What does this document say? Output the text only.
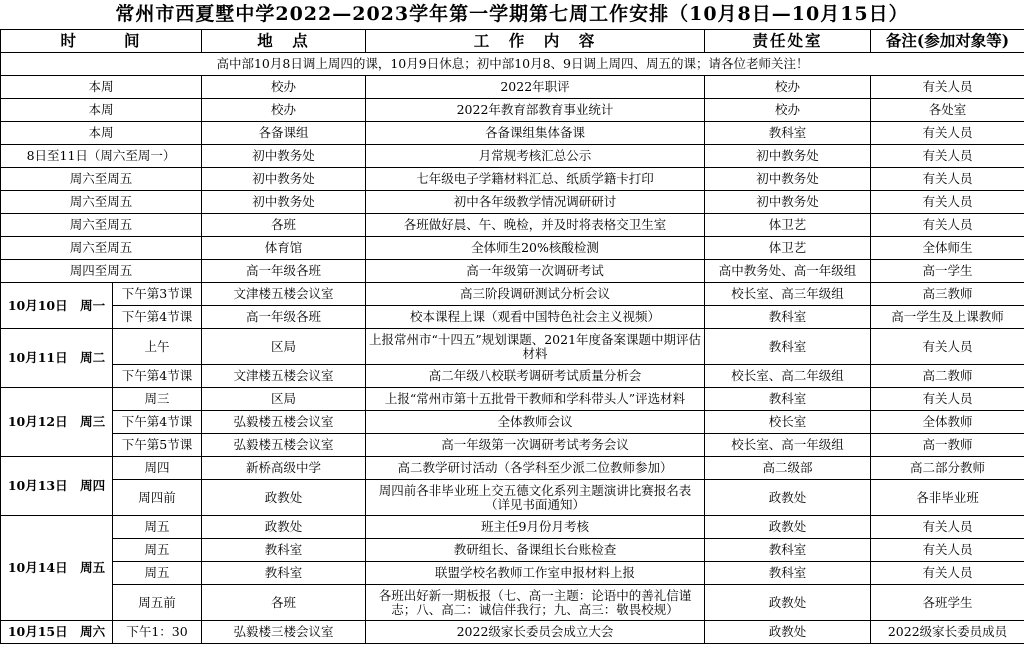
常州市西夏墅中学2022—2023学年第一学期第七周工作安排（10月8日—10月15日）
时 间		地　点	工　作　内　容	责任处室	备注(参加对象等)
高中部10月8日调上周四的课，10月9日休息；初中部10月8、9日调上周四、周五的课；请各位老师关注！					
本周		校办	2022年职评	校办	有关人员
本周		校办	2022年教育部教育事业统计	校办	各处室
本周		各备课组	各备课组集体备课	教科室	有关人员
8日至11日（周六至周一）		初中教务处	月常规考核汇总公示	初中教务处	有关人员
周六至周五		初中教务处	七年级电子学籍材料汇总、纸质学籍卡打印	初中教务处	有关人员
周六至周五		初中教务处	初中各年级教学情况调研研讨	初中教务处	有关人员
周六至周五		各班	各班做好晨、午、晚检，并及时将表格交卫生室	体卫艺	有关人员
周六至周五		体育馆	全体师生20%核酸检测	体卫艺	全体师生
周四至周五		高一年级各班	高一年级第一次调研考试	高中教务处、高一年级组	高一学生
10月10日　周一	下午第3节课	文津楼五楼会议室	高三阶段调研测试分析会议	校长室、高三年级组	高三教师
	下午第4节课	高一年级各班	校本课程上课（观看中国特色社会主义视频）	教科室	高一学生及上课教师
10月11日　周二	上午	区局	上报常州市“十四五”规划课题、2021年度备案课题中期评估材料	教科室	有关人员
	下午第4节课	文津楼五楼会议室	高二年级八校联考调研考试质量分析会	校长室、高二年级组	高二教师
10月12日　周三	周三	区局	上报“常州市第十五批骨干教师和学科带头人”评选材料	教科室	有关人员
	下午第4节课	弘毅楼五楼会议室	全体教师会议	校长室	全体教师
	下午第5节课	弘毅楼五楼会议室	高一年级第一次调研考试考务会议	校长室、高一年级组	高一教师
10月13日　周四	周四	新桥高级中学	高二教学研讨活动（各学科至少派二位教师参加）	高二级部	高二部分教师
	周四前	政教处	周四前各非毕业班上交五德文化系列主题演讲比赛报名表（详见书面通知）	政教处	各非毕业班
10月14日　周五	周五	政教处	班主任9月份月考核	政教处	有关人员
	周五	教科室	教研组长、备课组长台账检查	教科室	有关人员
	周五	教科室	联盟学校名教师工作室申报材料上报	教科室	有关人员
	周五前	各班	各班出好新一期板报（七、高一主题：论语中的善礼信谨志；八、高二：诚信伴我行；九、高三：敬畏校规）	政教处	各班学生
10月15日　周六	下午1：30	弘毅楼三楼会议室	2022级家长委员会成立大会	政教处	2022级家长委员成员
